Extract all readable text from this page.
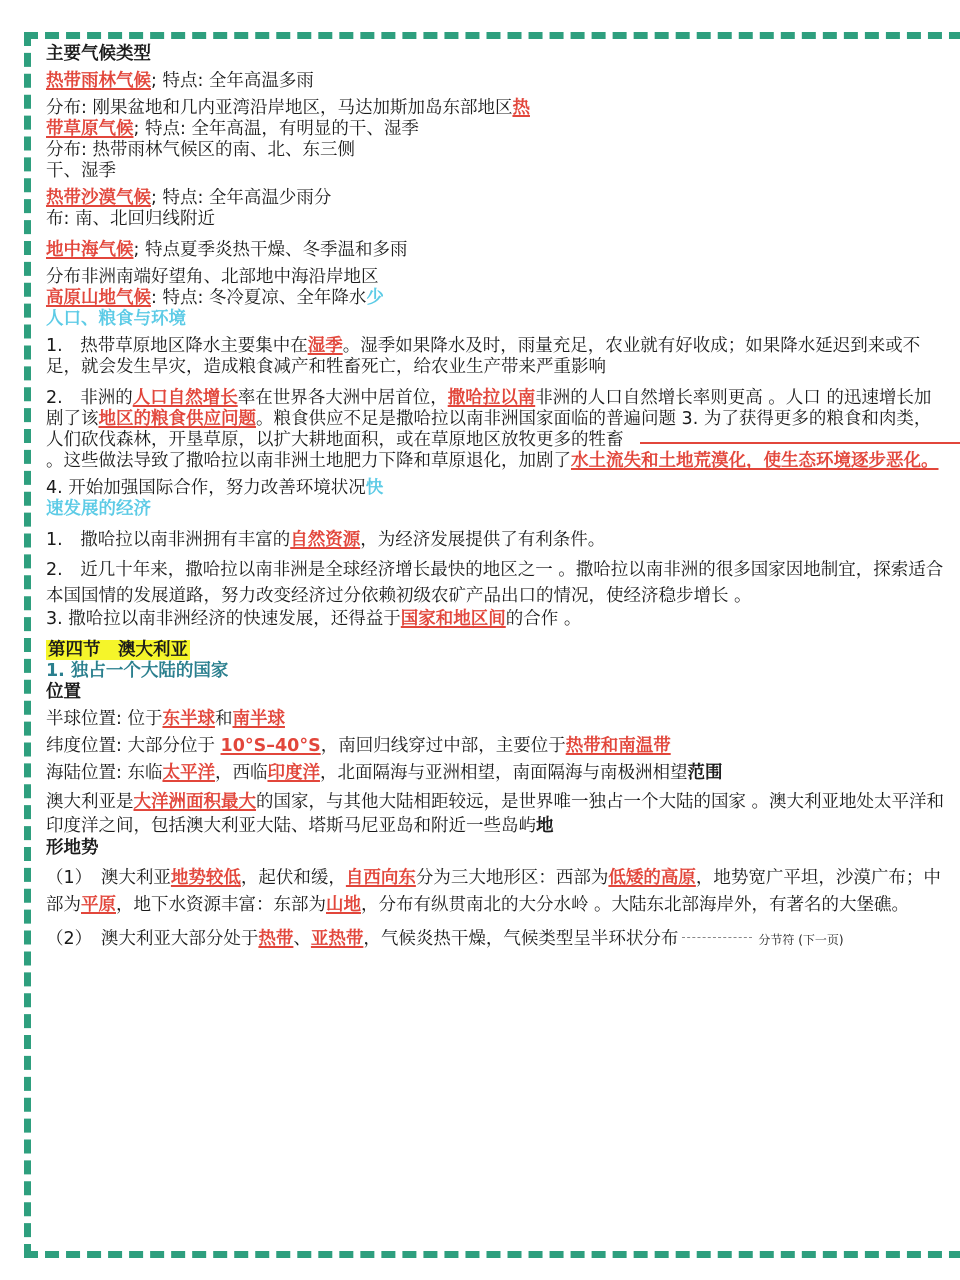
主要气候类型

热带雨林气候; 特点: 全年高温多雨

分布: 刚果盆地和几内亚湾沿岸地区，马达加斯加岛东部地区热

带草原气候; 特点: 全年高温，有明显的干、湿季

分布: 热带雨林气候区的南、北、东三侧

干、湿季

热带沙漠气候; 特点: 全年高温少雨分

布: 南、北回归线附近

地中海气候; 特点夏季炎热干燥、冬季温和多雨

分布非洲南端好望角、北部地中海沿岸地区

高原山地气候: 特点: 冬冷夏凉、全年降水少

人口、粮食与环境

1.　热带草原地区降水主要集中在湿季。湿季如果降水及时，雨量充足，农业就有好收成；如果降水延迟到来或不足，就会发生旱灾，造成粮食减产和牲畜死亡，给农业生产带来严重影响

2.　非洲的人口自然增长率在世界各大洲中居首位，撒哈拉以南非洲的人口自然增长率则更高 。人口 的迅速增长加剧了该地区的粮食供应问题。粮食供应不足是撒哈拉以南非洲国家面临的普遍问题 3. 为了获得更多的粮食和肉类，人们砍伐森林，开垦草原，以扩大耕地面积，或在草原地区放牧更多的牲畜

。这些做法导致了撒哈拉以南非洲土地肥力下降和草原退化，加剧了水土流失和土地荒漠化，使生态环境逐步恶化。

4. 开始加强国际合作，努力改善环境状况快

速发展的经济

1.　撒哈拉以南非洲拥有丰富的自然资源，为经济发展提供了有利条件。

2.　近几十年来，撒哈拉以南非洲是全球经济增长最快的地区之一 。撒哈拉以南非洲的很多国家因地制宜，探索适合本国国情的发展道路，努力改变经济过分依赖初级农矿产品出口的情况，使经济稳步增长 。

3. 撒哈拉以南非洲经济的快速发展，还得益于国家和地区间的合作 。

第四节　澳大利亚

1. 独占一个大陆的国家

位置

半球位置: 位于东半球和南半球

纬度位置: 大部分位于 10°S–40°S，南回归线穿过中部，主要位于热带和南温带

海陆位置: 东临太平洋，西临印度洋，北面隔海与亚洲相望，南面隔海与南极洲相望范围

澳大利亚是大洋洲面积最大的国家，与其他大陆相距较远，是世界唯一独占一个大陆的国家 。澳大利亚地处太平洋和印度洋之间，包括澳大利亚大陆、塔斯马尼亚岛和附近一些岛屿地

形地势

（1）　澳大利亚地势较低，起伏和缓，自西向东分为三大地形区：西部为低矮的高原，地势宽广平坦，沙漠广布；中部为平原，地下水资源丰富：东部为山地，分布有纵贯南北的大分水岭 。大陆东北部海岸外，有著名的大堡礁。

（2）　澳大利亚大部分处于热带、亚热带，气候炎热干燥，气候类型呈半环状分布	分节符 (下一页)
